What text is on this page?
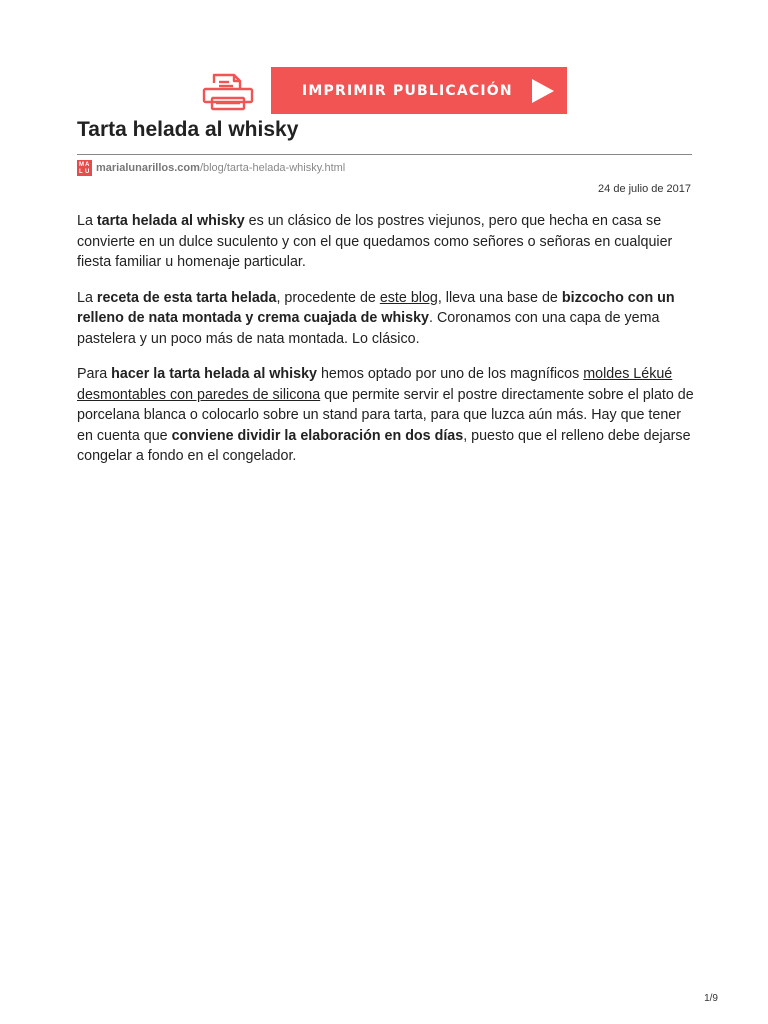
IMPRIMIR PUBLICACIÓN
Tarta helada al whisky
M A
L U marialunarillos.com /blog/tarta-helada-whisky.html
24 de julio de 2017

La tarta helada al whisky es un clásico de los postres viejunos, pero que hecha en casa se convierte en un dulce suculento y con el que quedamos como señores o señoras en cualquier fiesta familiar u homenaje particular.

La receta de esta tarta helada, procedente de este blog, lleva una base de bizcocho con un relleno de nata montada y crema cuajada de whisky. Coronamos con una capa de yema pastelera y un poco más de nata montada. Lo clásico.

Para hacer la tarta helada al whisky hemos optado por uno de los magníficos moldes Lékué desmontables con paredes de silicona que permite servir el postre directamente sobre el plato de porcelana blanca o colocarlo sobre un stand para tarta, para que luzca aún más. Hay que tener en cuenta que conviene dividir la elaboración en dos días, puesto que el relleno debe dejarse congelar a fondo en el congelador.

1/9
